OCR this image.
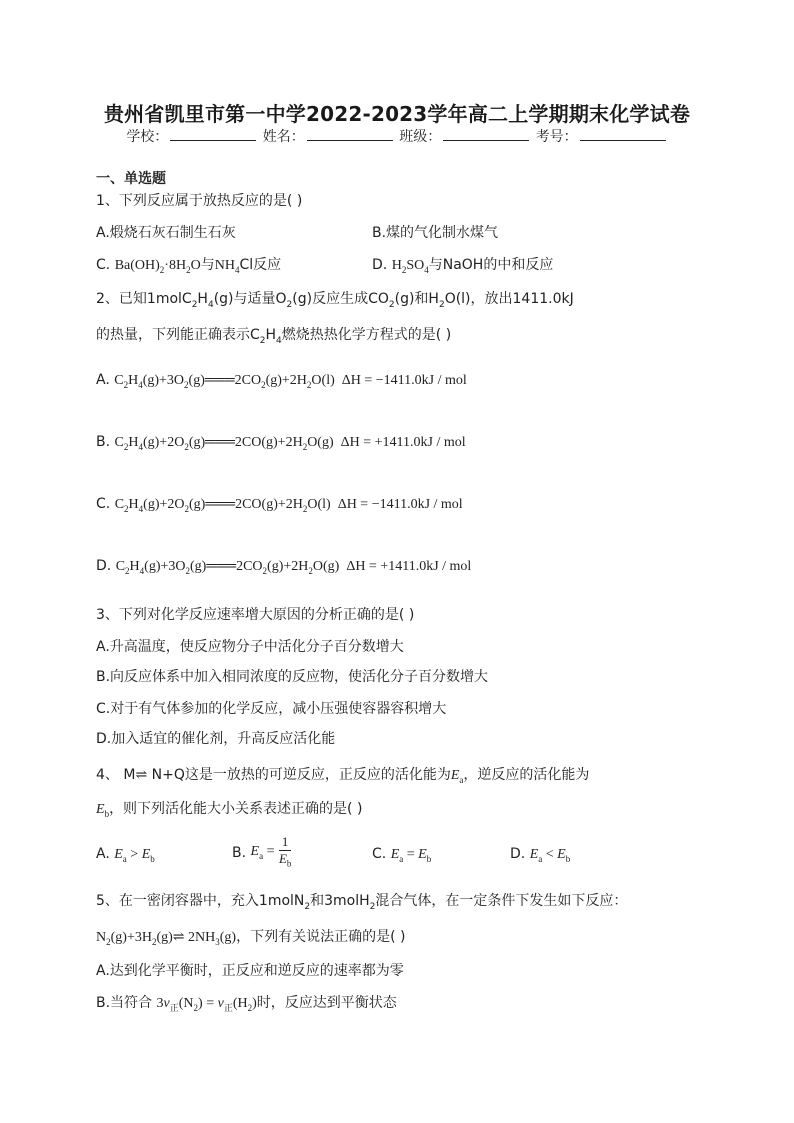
贵州省凯里市第一中学2022-2023学年高二上学期期末化学试卷
学校：	姓名：	班级：	考号：
一、单选题
1、下列反应属于放热反应的是( )
A.煅烧石灰石制生石灰	B.煤的气化制水煤气
C. $Ba(OH)_2\cdot 8H_2O$与$NH_4Cl$反应	D. $H_2SO_4$与NaOH的中和反应
2、已知$1molC_2H_4(g)$与适量$O_2(g)$反应生成$CO_2(g)$和$H_2O(l)$，放出1411.0kJ
的热量，下列能正确表示$C_2H_4$燃烧热热化学方程式的是( )
A. $C_2H_4(g)+3O_2(g)═══2CO_2(g)+2H_2O(l) \Delta H = -1411.0kJ$ / mol
B. $C_2H_4(g)+2O_2(g)═══2CO(g)+2H_2O(g) \Delta H = +1411.0kJ$ / mol
C. $C_2H_4(g)+2O_2(g)═══2CO(g)+2H_2O(l) \Delta H = -1411.0kJ$ / mol
D. $C_2H_4(g)+3O_2(g)═══2CO_2(g)+2H_2O(g) \Delta H = +1411.0kJ$ / mol
3、下列对化学反应速率增大原因的分析正确的是( )
A.升高温度，使反应物分子中活化分子百分数增大
B.向反应体系中加入相同浓度的反应物，使活化分子百分数增大
C.对于有气体参加的化学反应，减小压强使容器容积增大
D.加入适宜的催化剂，升高反应活化能
4、 M⇌ N+Q这是一放热的可逆反应，正反应的活化能为$E_a$，逆反应的活化能为
$E_b$，则下列活化能大小关系表述正确的是( )
A. $E_a > E_b$	B. $E_a = \frac{1}{E_b}$	C. $E_a = E_b$	D. $E_a < E_b$
5、在一密闭容器中，充入1molN$_2$和3molH$_2$混合气体，在一定条件下发生如下反应：
$N_2(g)+3H_2(g)\rightleftharpoons$ $2NH_3(g)$，下列有关说法正确的是( )
A.达到化学平衡时，正反应和逆反应的速率都为零
B.当符合 $3v_正(N_2) = v_正(H_2)$时，反应达到平衡状态
